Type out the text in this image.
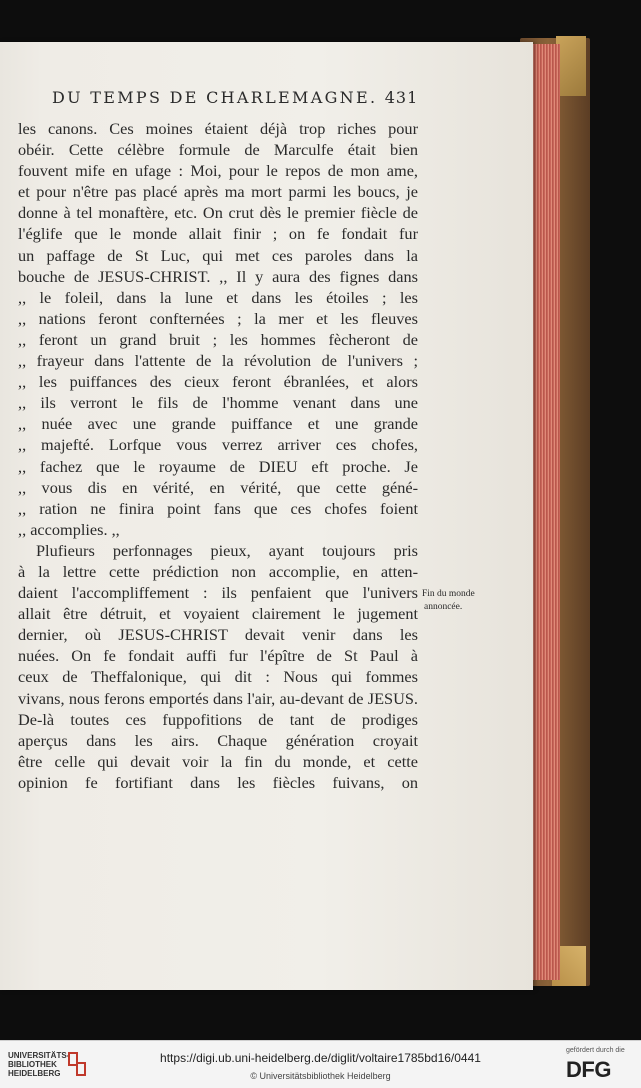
DU TEMPS DE CHARLEMAGNE. 431
les canons. Ces moines étaient déjà trop riches pour
obéir. Cette célèbre formule de Marculfe était bien
fouvent mife en ufage : Moi, pour le repos de mon ame,
et pour n'être pas placé après ma mort parmi les boucs, je
donne à tel monaftère, etc. On crut dès le premier fiècle de
l'églife que le monde allait finir ; on fe fondait fur
un paffage de St Luc, qui met ces paroles dans la
bouche de JESUS-CHRIST. ,, Il y aura des fignes dans
,, le foleil, dans la lune et dans les étoiles ; les
,, nations feront confternées ; la mer et les fleuves
,, feront un grand bruit ; les hommes fècheront de
,, frayeur dans l'attente de la révolution de l'univers ;
,, les puiffances des cieux feront ébranlées, et alors
,, ils verront le fils de l'homme venant dans une
,, nuée avec une grande puiffance et une grande
,, majefté. Lorfque vous verrez arriver ces chofes,
,, fachez que le royaume de DIEU eft proche. Je
,, vous dis en vérité, en vérité, que cette géné-
,, ration ne finira point fans que ces chofes foient
,, accomplies. ,,
Plufieurs perfonnages pieux, ayant toujours pris
à la lettre cette prédiction non accomplie, en atten-
daient l'accompliffement : ils penfaient que l'univers
allait être détruit, et voyaient clairement le jugement
dernier, où JESUS-CHRIST devait venir dans les
nuées. On fe fondait auffi fur l'épître de St Paul à
ceux de Theffalonique, qui dit : Nous qui fommes
vivans, nous ferons emportés dans l'air, au-devant de JESUS.
De-là toutes ces fuppofitions de tant de prodiges
aperçus dans les airs. Chaque génération croyait
être celle qui devait voir la fin du monde, et cette
opinion fe fortifiant dans les fiècles fuivans, on
Fin du monde
annoncée.
UNIVERSITÄTS-
BIBLIOTHEK
HEIDELBERG
https://digi.ub.uni-heidelberg.de/diglit/voltaire1785bd16/0441
© Universitätsbibliothek Heidelberg
gefördert durch die
DFG
